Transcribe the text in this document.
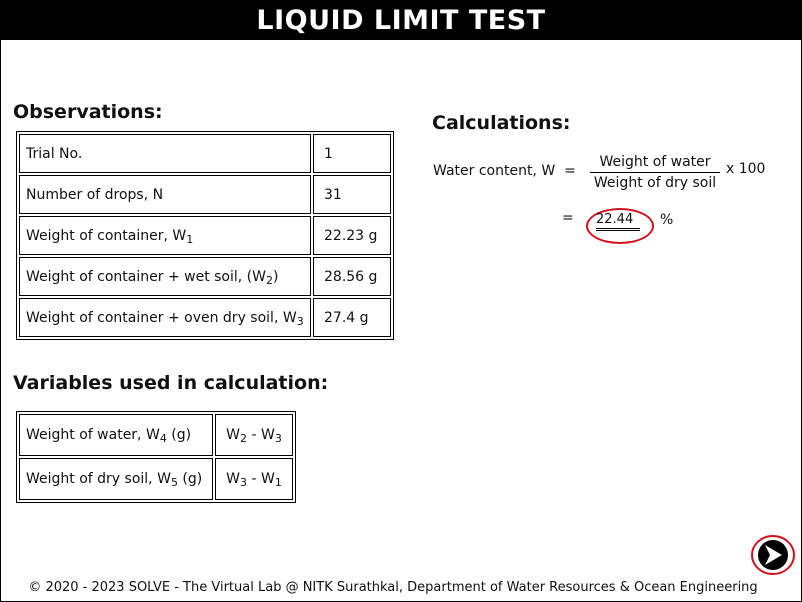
LIQUID LIMIT TEST
Observations:
Trial No.	1
Number of drops, N	31
Weight of container, $W_1$	22.23 g
Weight of container + wet soil, $(W_2)$	28.56 g
Weight of container + oven dry soil, $W_3$	27.4 g
Variables used in calculation:
Weight of water, $W_4$ (g)	$W_2 - W_3$
Weight of dry soil, $W_5$ (g)	$W_3 - W_1$
Calculations:
Water content, W  =
Weight of water
Weight of dry soil
x 100
= 22.44	%
© 2020 - 2023 SOLVE - The Virtual Lab @ NITK Surathkal, Department of Water Resources & Ocean Engineering
